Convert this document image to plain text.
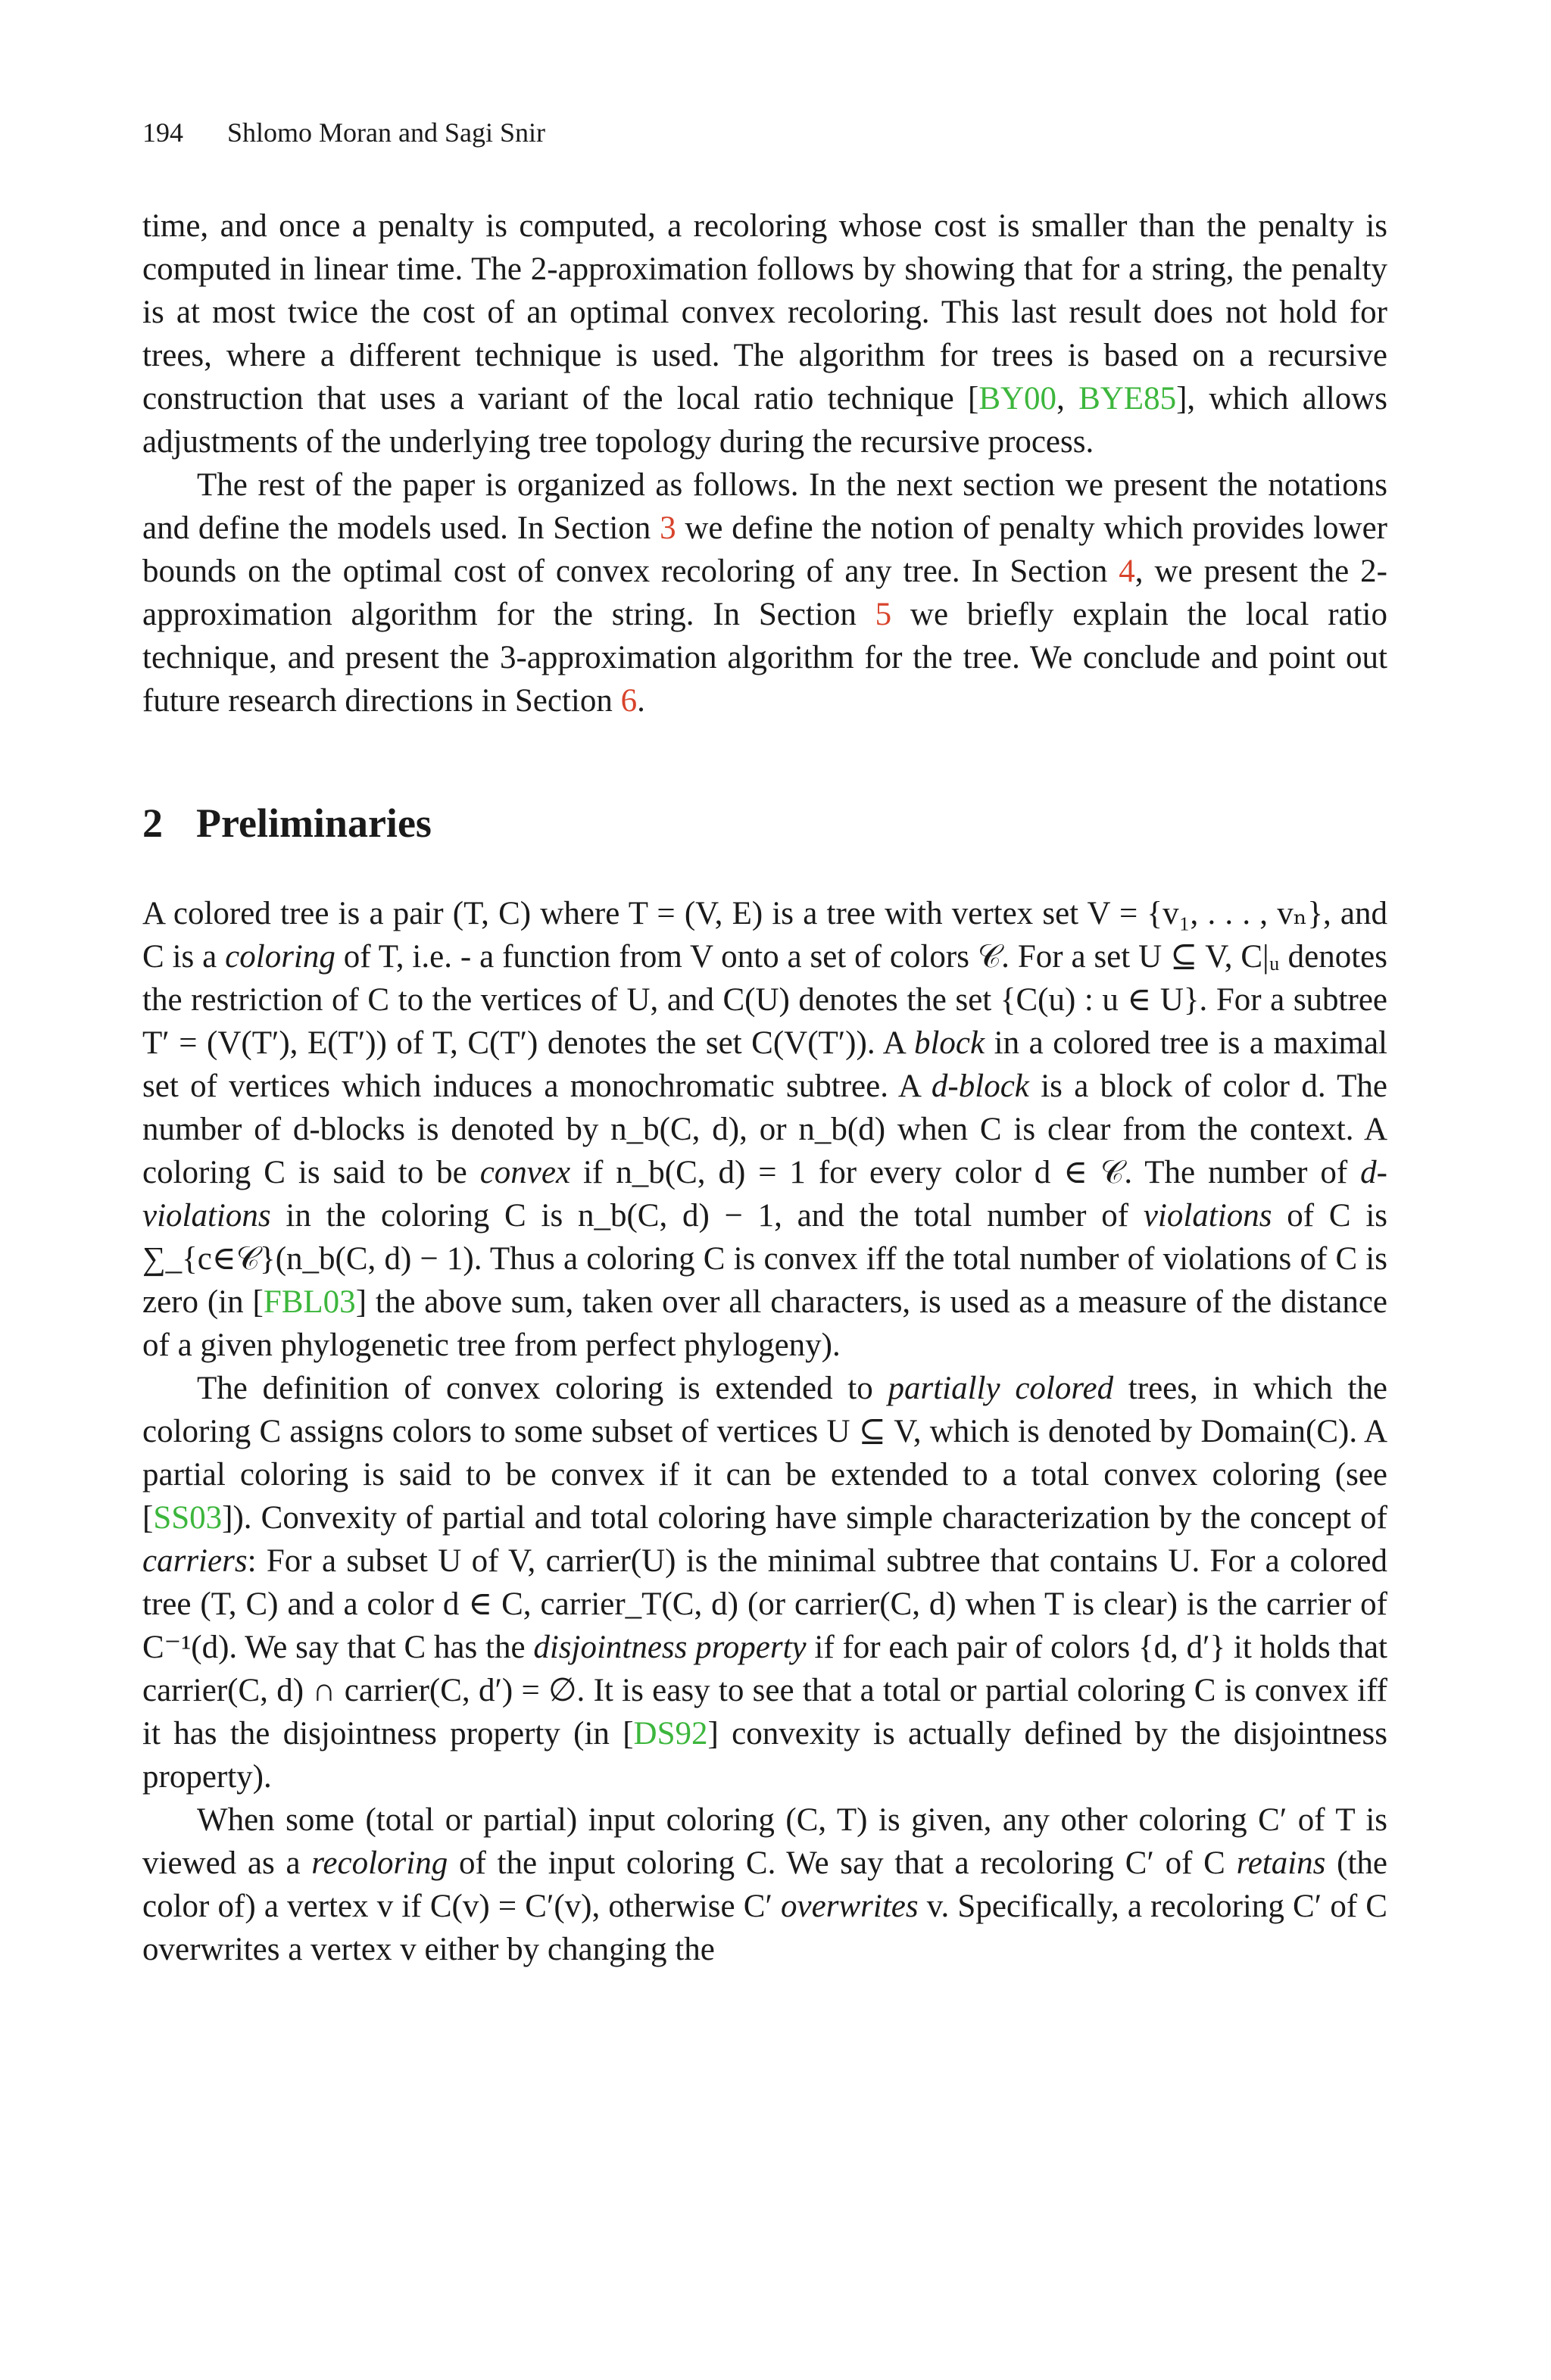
194 Shlomo Moran and Sagi Snir

time, and once a penalty is computed, a recoloring whose cost is smaller than the penalty is computed in linear time. The 2-approximation follows by showing that for a string, the penalty is at most twice the cost of an optimal convex recoloring. This last result does not hold for trees, where a different technique is used. The algorithm for trees is based on a recursive construction that uses a variant of the local ratio technique [BY00, BYE85], which allows adjustments of the underlying tree topology during the recursive process.

The rest of the paper is organized as follows. In the next section we present the notations and define the models used. In Section 3 we define the notion of penalty which provides lower bounds on the optimal cost of convex recoloring of any tree. In Section 4, we present the 2-approximation algorithm for the string. In Section 5 we briefly explain the local ratio technique, and present the 3-approximation algorithm for the tree. We conclude and point out future research directions in Section 6.

2 Preliminaries

A colored tree is a pair (T, C) where T = (V, E) is a tree with vertex set V = {v₁, . . . , vₙ}, and C is a coloring of T, i.e. - a function from V onto a set of colors 𝒞. For a set U ⊆ V, C|ᵤ denotes the restriction of C to the vertices of U, and C(U) denotes the set {C(u) : u ∈ U}. For a subtree T′ = (V(T′), E(T′)) of T, C(T′) denotes the set C(V(T′)). A block in a colored tree is a maximal set of vertices which induces a monochromatic subtree. A d-block is a block of color d. The number of d-blocks is denoted by n_b(C, d), or n_b(d) when C is clear from the context. A coloring C is said to be convex if n_b(C, d) = 1 for every color d ∈ 𝒞. The number of d-violations in the coloring C is n_b(C, d) − 1, and the total number of violations of C is ∑_{c∈𝒞}(n_b(C, d) − 1). Thus a coloring C is convex iff the total number of violations of C is zero (in [FBL03] the above sum, taken over all characters, is used as a measure of the distance of a given phylogenetic tree from perfect phylogeny).

The definition of convex coloring is extended to partially colored trees, in which the coloring C assigns colors to some subset of vertices U ⊆ V, which is denoted by Domain(C). A partial coloring is said to be convex if it can be extended to a total convex coloring (see [SS03]). Convexity of partial and total coloring have simple characterization by the concept of carriers: For a subset U of V, carrier(U) is the minimal subtree that contains U. For a colored tree (T, C) and a color d ∈ C, carrier_T(C, d) (or carrier(C, d) when T is clear) is the carrier of C⁻¹(d). We say that C has the disjointness property if for each pair of colors {d, d′} it holds that carrier(C, d) ∩ carrier(C, d′) = ∅. It is easy to see that a total or partial coloring C is convex iff it has the disjointness property (in [DS92] convexity is actually defined by the disjointness property).

When some (total or partial) input coloring (C, T) is given, any other coloring C′ of T is viewed as a recoloring of the input coloring C. We say that a recoloring C′ of C retains (the color of) a vertex v if C(v) = C′(v), otherwise C′ overwrites v. Specifically, a recoloring C′ of C overwrites a vertex v either by changing the
